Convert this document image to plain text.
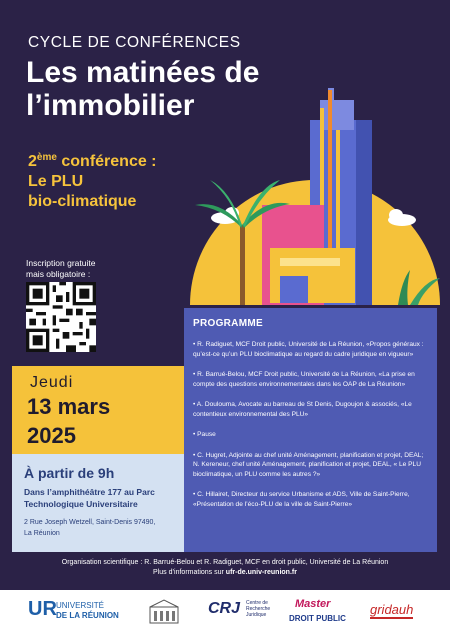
CYCLE DE CONFÉRENCES
Les matinées de
l’immobilier
2ème conférence :
Le PLU
bio-climatique
Inscription gratuite
mais obligatoire :
Jeudi
13 mars
2025
À partir de 9h
Dans l’amphithéâtre 177 au Parc Technologique Universitaire
2 Rue Joseph Wetzell, Saint-Denis 97490,
La Réunion
PROGRAMME

• R. Radiguet, MCF Droit public, Université de La Réunion, «Propos généraux : qu’est-ce qu’un PLU bioclimatique au regard du cadre juridique en vigueur»

• R. Barrué-Belou, MCF Droit public, Université de La Réunion, «La prise en compte des questions environnementales dans les OAP de La Réunion»

• A. Doulouma, Avocate au barreau de St Denis, Dugoujon & associés, «Le contentieux environnemental des PLU»

• Pause

• C. Hugret, Adjointe au chef unité Aménagement, planification et projet, DEAL; N. Kereneur, chef unité Aménagement, planification et projet, DEAL, « Le PLU bioclimatique, un PLU comme les autres ?»

• C. Hillairet, Directeur du service Urbanisme et ADS, Ville de Saint-Pierre, «Présentation de l’éco-PLU de la ville de Saint-Pierre»

Organisation scientifique : R. Barrué-Belou et R. Radiguet, MCF en droit public, Université de La Réunion
Plus d’informations sur ufr-de.univ-reunion.fr
UR UNIVERSITÉ
DE LA RÉUNION	CRJ Centre de
Recherche
Juridique
Master
DROIT PUBLIC
gridauh
